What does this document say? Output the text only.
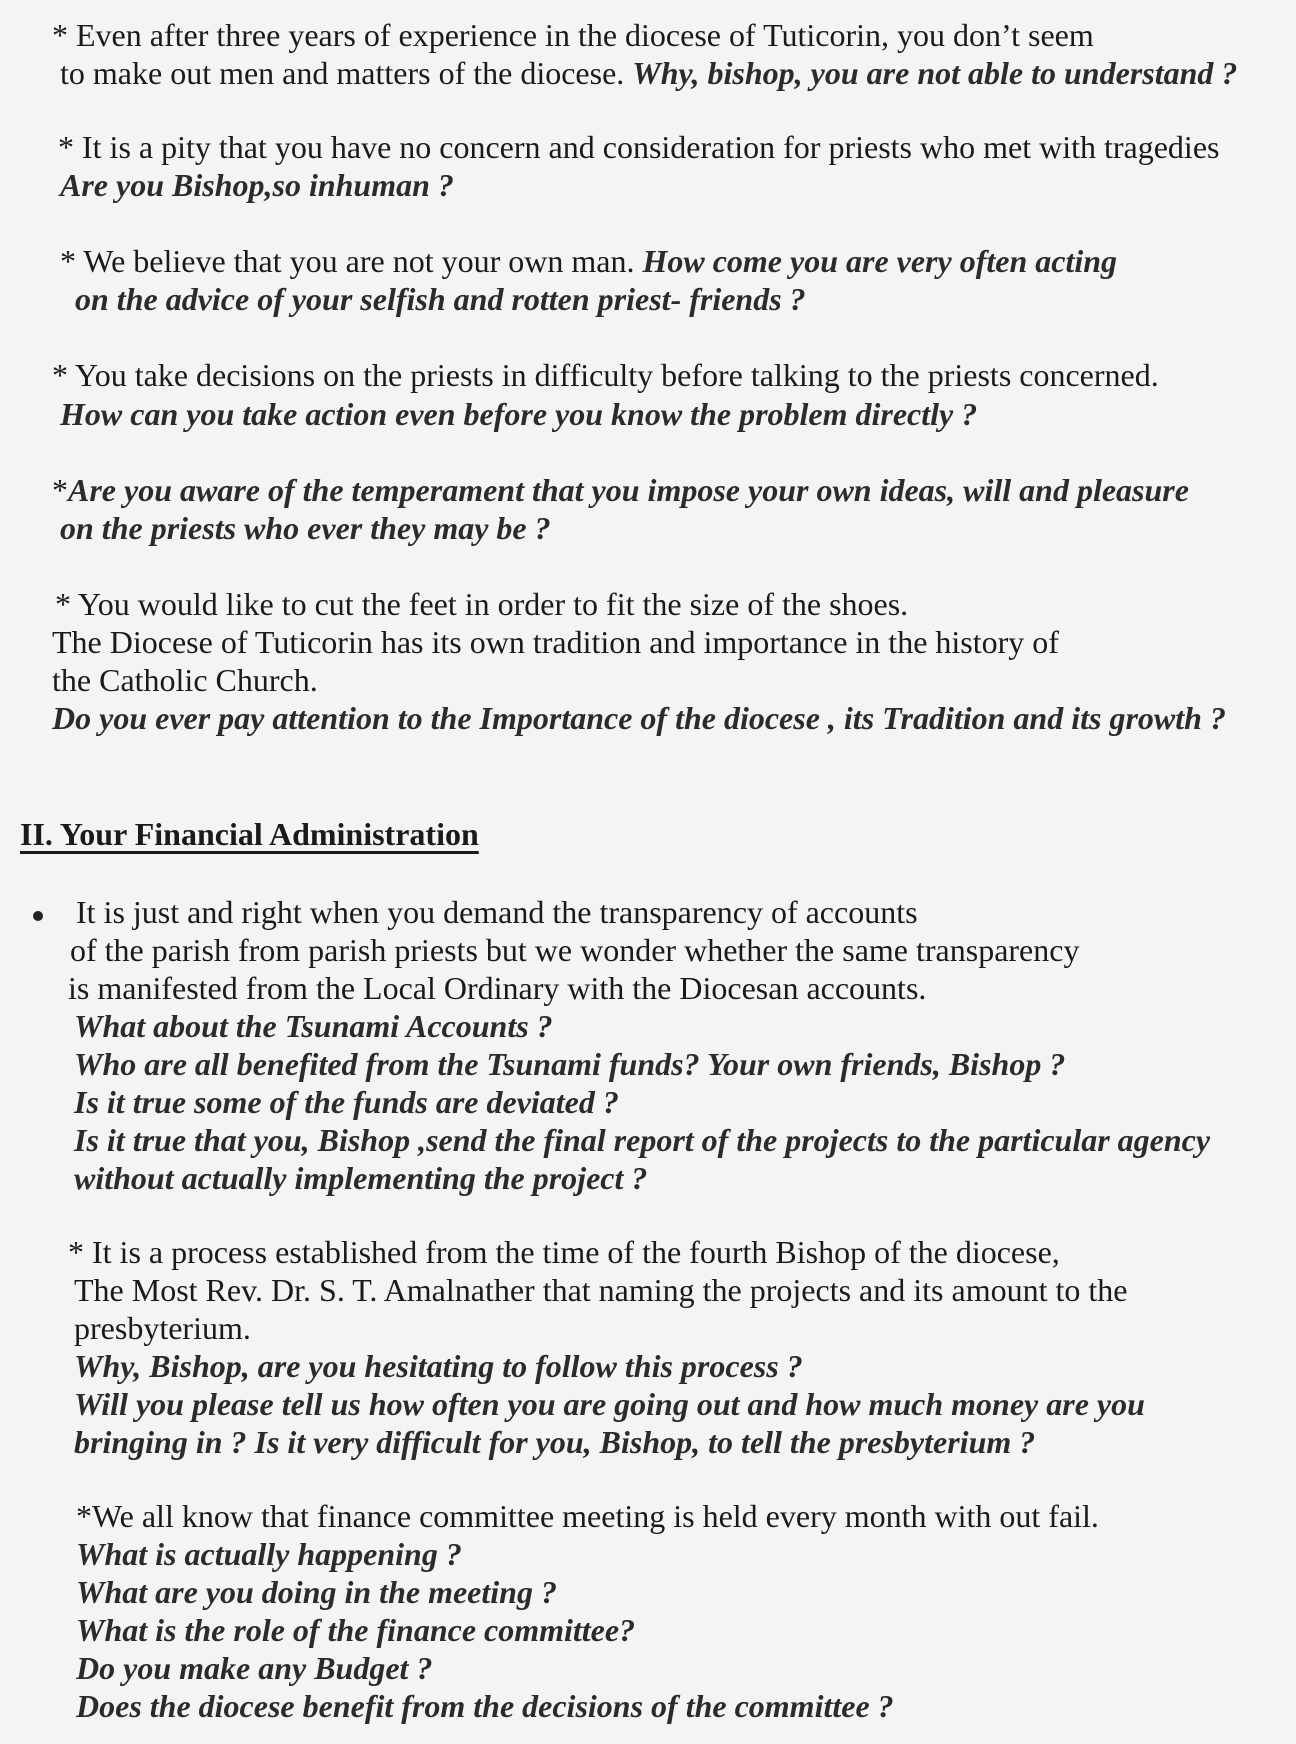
* Even after three years of experience in the diocese of Tuticorin, you don’t seem
to make out men and matters of the diocese. Why, bishop, you are not able to understand ?
* It is a pity that you have no concern and consideration for priests who met with tragedies
Are you Bishop,so inhuman ?
* We believe that you are not your own man. How come you are very often acting
on the advice of your selfish and rotten priest- friends ?
* You take decisions on the priests in difficulty before talking to the priests concerned.
How can you take action even before you know the problem directly ?
*Are you aware of the temperament that you impose your own ideas, will and pleasure
on the priests who ever they may be ?
* You would like to cut the feet in order to fit the size of the shoes.
The Diocese of Tuticorin has its own tradition and importance in the history of
the Catholic Church.
Do you ever pay attention to the Importance of the diocese , its Tradition and its growth ?
II. Your Financial Administration
It is just and right when you demand the transparency of accounts
of the parish from parish priests but we wonder whether the same transparency
is manifested from the Local Ordinary with the Diocesan accounts.
What about the Tsunami Accounts ?
Who are all benefited from the Tsunami funds? Your own friends, Bishop ?
Is it true some of the funds are deviated ?
Is it true that you, Bishop ,send the final report of the projects to the particular agency
without actually implementing the project ?
* It is a process established from the time of the fourth Bishop of the diocese,
The Most Rev. Dr. S. T. Amalnather that naming the projects and its amount to the
presbyterium.
Why, Bishop, are you hesitating to follow this process ?
Will you please tell us how often you are going out and how much money are you
bringing in ? Is it very difficult for you, Bishop, to tell the presbyterium ?
*We all know that finance committee meeting is held every month with out fail.
What is actually happening ?
What are you doing in the meeting ?
What is the role of the finance committee?
Do you make any Budget ?
Does the diocese benefit from the decisions of the committee ?
